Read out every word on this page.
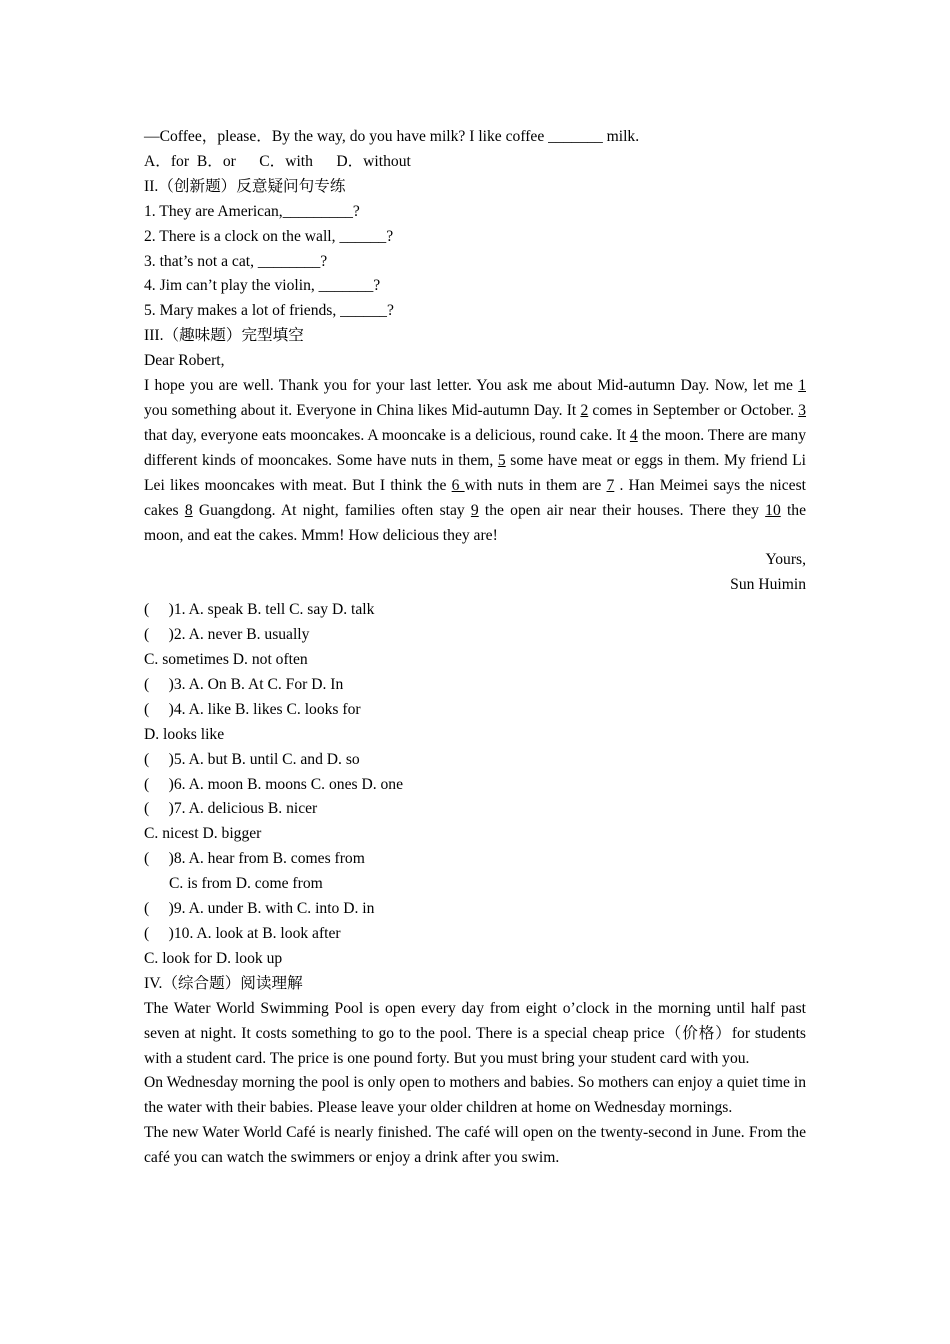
—Coffee，please．By the way, do you have milk? I like coffee _______ milk.
A．for  B．or      C．with      D．without
II.（创新题）反意疑问句专练
1. They are American,_________?
2. There is a clock on the wall, ______?
3. that’s not a cat, ________?
4. Jim can’t play the violin, _______?
5. Mary makes a lot of friends, ______?
III.（趣味题）完型填空
Dear Robert,
I hope you are well. Thank you for your last letter. You ask me about Mid-autumn Day. Now, let me 1 you something about it. Everyone in China likes Mid-autumn Day. It 2 comes in September or October. 3 that day, everyone eats mooncakes. A mooncake is a delicious, round cake. It 4 the moon. There are many different kinds of mooncakes. Some have nuts in them, 5 some have meat or eggs in them. My friend Li Lei likes mooncakes with meat. But I think the 6 with nuts in them are 7 . Han Meimei says the nicest cakes 8 Guangdong. At night, families often stay 9 the open air near their houses. There they 10 the moon, and eat the cakes. Mmm! How delicious they are!
Yours,
Sun Huimin
(     )1. A. speak B. tell C. say D. talk
(     )2. A. never B. usually
C. sometimes D. not often
(     )3. A. On B. At C. For D. In
(     )4. A. like B. likes C. looks for
D. looks like
(     )5. A. but B. until C. and D. so
(     )6. A. moon B. moons C. ones D. one
(     )7. A. delicious B. nicer
C. nicest D. bigger
(     )8. A. hear from B. comes from
C. is from D. come from
(     )9. A. under B. with C. into D. in
(     )10. A. look at B. look after
C. look for D. look up
IV.（综合题）阅读理解
The Water World Swimming Pool is open every day from eight o’clock in the morning until half past seven at night. It costs something to go to the pool. There is a special cheap price（价格）for students with a student card. The price is one pound forty. But you must bring your student card with you.
On Wednesday morning the pool is only open to mothers and babies. So mothers can enjoy a quiet time in the water with their babies. Please leave your older children at home on Wednesday mornings.
The new Water World Café is nearly finished. The café will open on the twenty-second in June. From the café you can watch the swimmers or enjoy a drink after you swim.
